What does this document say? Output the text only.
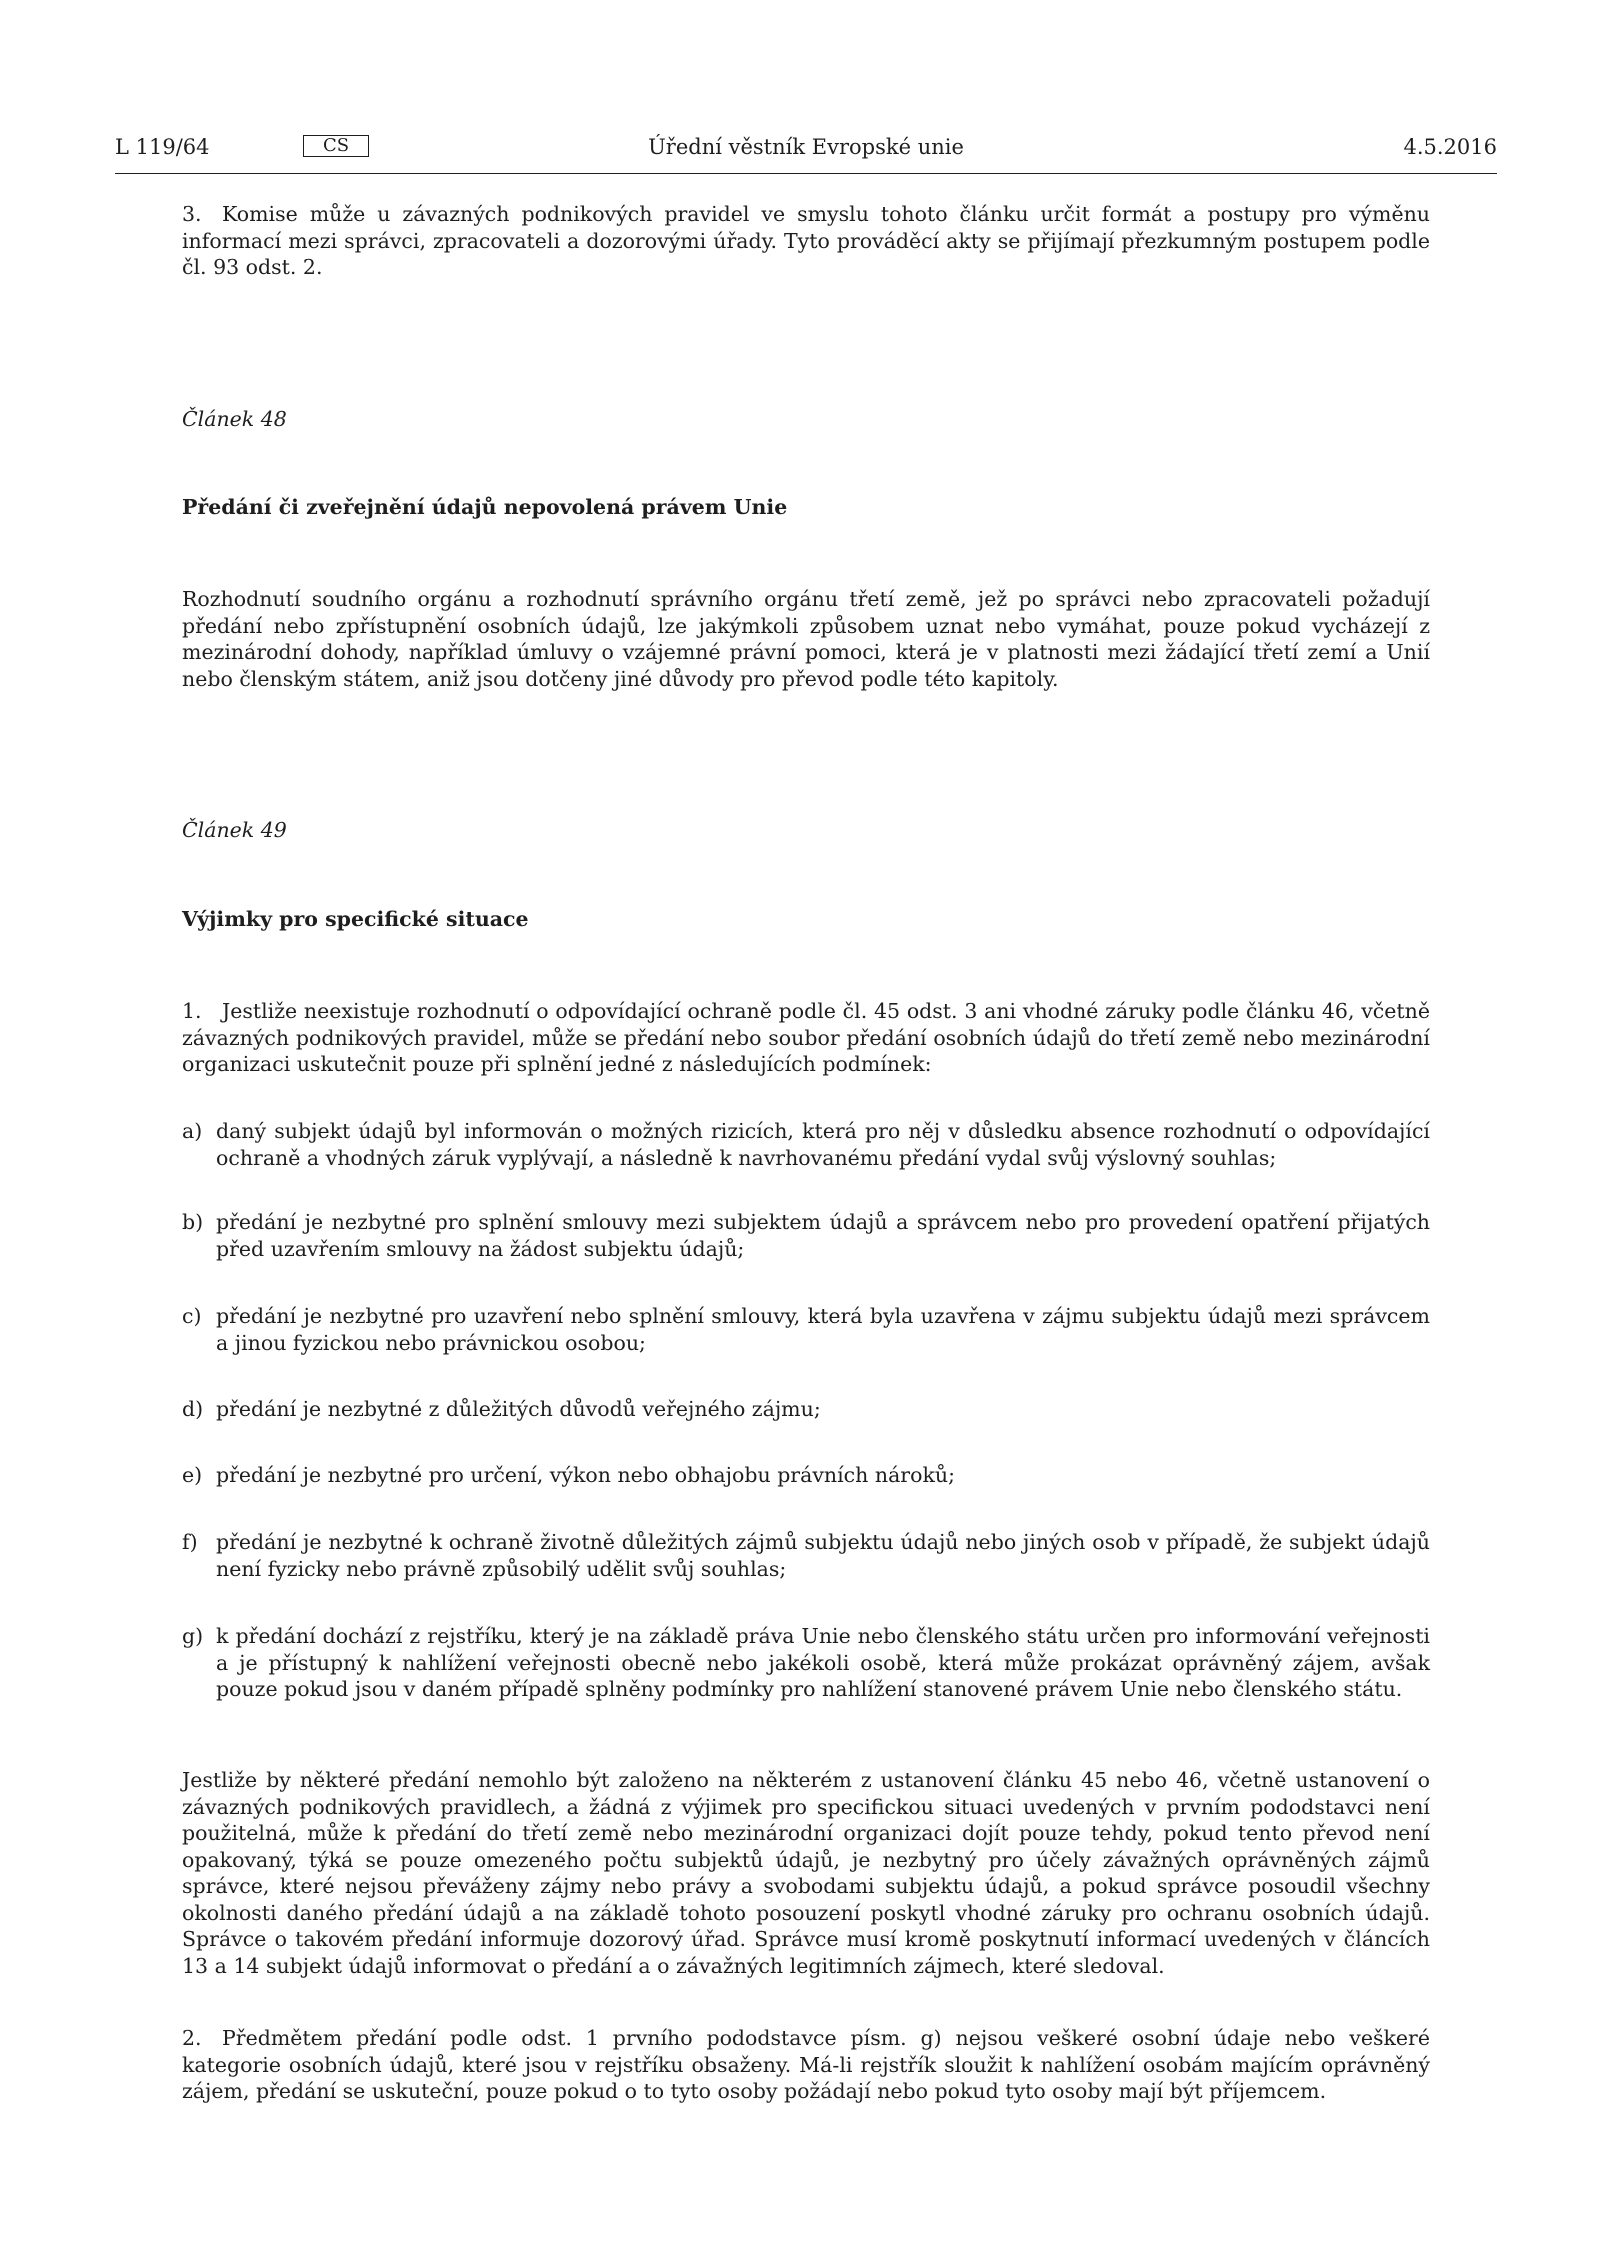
L 119/64	CS	Úřední věstník Evropské unie	4.5.2016

3. Komise může u závazných podnikových pravidel ve smyslu tohoto článku určit formát a postupy pro výměnu informací mezi správci, zpracovateli a dozorovými úřady. Tyto prováděcí akty se přijímají přezkumným postupem podle čl. 93 odst. 2.

Článek 48

Předání či zveřejnění údajů nepovolená právem Unie

Rozhodnutí soudního orgánu a rozhodnutí správního orgánu třetí země, jež po správci nebo zpracovateli požadují předání nebo zpřístupnění osobních údajů, lze jakýmkoli způsobem uznat nebo vymáhat, pouze pokud vycházejí z mezinárodní dohody, například úmluvy o vzájemné právní pomoci, která je v platnosti mezi žádající třetí zemí a Unií nebo členským státem, aniž jsou dotčeny jiné důvody pro převod podle této kapitoly.

Článek 49

Výjimky pro specifické situace

1. Jestliže neexistuje rozhodnutí o odpovídající ochraně podle čl. 45 odst. 3 ani vhodné záruky podle článku 46, včetně závazných podnikových pravidel, může se předání nebo soubor předání osobních údajů do třetí země nebo mezinárodní organizaci uskutečnit pouze při splnění jedné z následujících podmínek:

a) daný subjekt údajů byl informován o možných rizicích, která pro něj v důsledku absence rozhodnutí o odpovídající ochraně a vhodných záruk vyplývají, a následně k navrhovanému předání vydal svůj výslovný souhlas;

b) předání je nezbytné pro splnění smlouvy mezi subjektem údajů a správcem nebo pro provedení opatření přijatých před uzavřením smlouvy na žádost subjektu údajů;

c) předání je nezbytné pro uzavření nebo splnění smlouvy, která byla uzavřena v zájmu subjektu údajů mezi správcem a jinou fyzickou nebo právnickou osobou;

d) předání je nezbytné z důležitých důvodů veřejného zájmu;

e) předání je nezbytné pro určení, výkon nebo obhajobu právních nároků;

f) předání je nezbytné k ochraně životně důležitých zájmů subjektu údajů nebo jiných osob v případě, že subjekt údajů není fyzicky nebo právně způsobilý udělit svůj souhlas;

g) k předání dochází z rejstříku, který je na základě práva Unie nebo členského státu určen pro informování veřejnosti a je přístupný k nahlížení veřejnosti obecně nebo jakékoli osobě, která může prokázat oprávněný zájem, avšak pouze pokud jsou v daném případě splněny podmínky pro nahlížení stanovené právem Unie nebo členského státu.

Jestliže by některé předání nemohlo být založeno na některém z ustanovení článku 45 nebo 46, včetně ustanovení o závazných podnikových pravidlech, a žádná z výjimek pro specifickou situaci uvedených v prvním pododstavci není použitelná, může k předání do třetí země nebo mezinárodní organizaci dojít pouze tehdy, pokud tento převod není opakovaný, týká se pouze omezeného počtu subjektů údajů, je nezbytný pro účely závažných oprávněných zájmů správce, které nejsou převáženy zájmy nebo právy a svobodami subjektu údajů, a pokud správce posoudil všechny okolnosti daného předání údajů a na základě tohoto posouzení poskytl vhodné záruky pro ochranu osobních údajů. Správce o takovém předání informuje dozorový úřad. Správce musí kromě poskytnutí informací uvedených v článcích 13 a 14 subjekt údajů informovat o předání a o závažných legitimních zájmech, které sledoval.

2. Předmětem předání podle odst. 1 prvního pododstavce písm. g) nejsou veškeré osobní údaje nebo veškeré kategorie osobních údajů, které jsou v rejstříku obsaženy. Má-li rejstřík sloužit k nahlížení osobám majícím oprávněný zájem, předání se uskuteční, pouze pokud o to tyto osoby požádají nebo pokud tyto osoby mají být příjemcem.
